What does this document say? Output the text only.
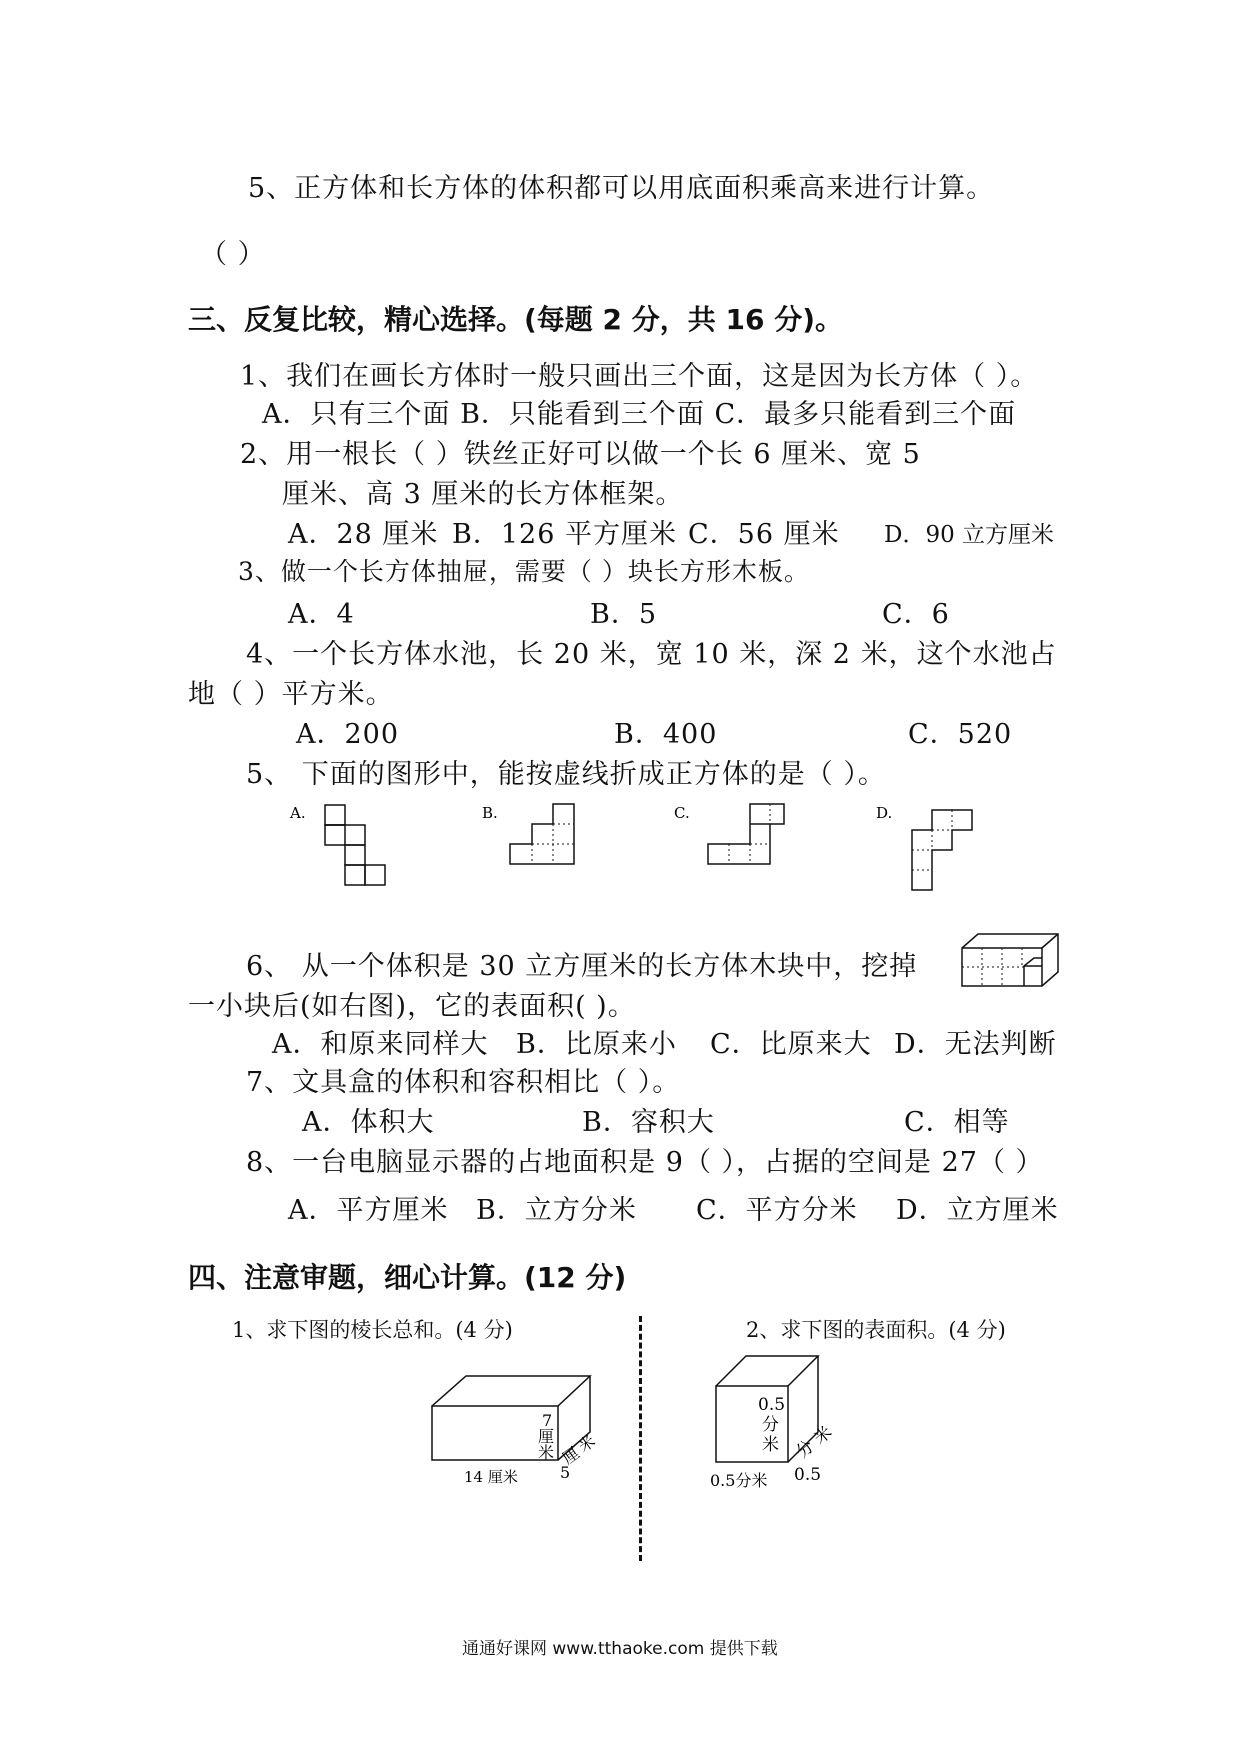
5、正方体和长方体的体积都可以用底面积乘高来进行计算。
（ ）
三、反复比较，精心选择。(每题 2 分，共 16 分)。
1、我们在画长方体时一般只画出三个面，这是因为长方体（ ）。
A．只有三个面 B．只能看到三个面 C．最多只能看到三个面
2、用一根长（ ）铁丝正好可以做一个长 6 厘米、宽 5
厘米、高 3 厘米的长方体框架。
A．28 厘米 B．126 平方厘米 C．56 厘米 D．90 立方厘米
3、做一个长方体抽屉，需要（ ）块长方形木板。
A．4	B．5	C．6
4、一个长方体水池，长 20 米，宽 10 米，深 2 米，这个水池占
地（ ）平方米。
A．200	B．400	C．520
5、 下面的图形中，能按虚线折成正方体的是（ ）。
A.	B.	C.	D.
6、 从一个体积是 30 立方厘米的长方体木块中，挖掉
一小块后(如右图)，它的表面积( )。
A．和原来同样大 B．比原来小 C．比原来大 D．无法判断
7、文具盒的体积和容积相比（ ）。
A．体积大	B．容积大	C．相等
8、一台电脑显示器的占地面积是 9（ ），占据的空间是 27（ ）
A．平方厘米 B．立方分米 C．平方分米 D．立方厘米
四、注意审题，细心计算。(12 分)
1、求下图的棱长总和。(4 分)	2、求下图的表面积。(4 分)
7
厘
米
5
厘
米
14 厘米
0.5
分
米
0.5
分
米
0.5分米
通通好课网 www.tthaoke.com 提供下载
